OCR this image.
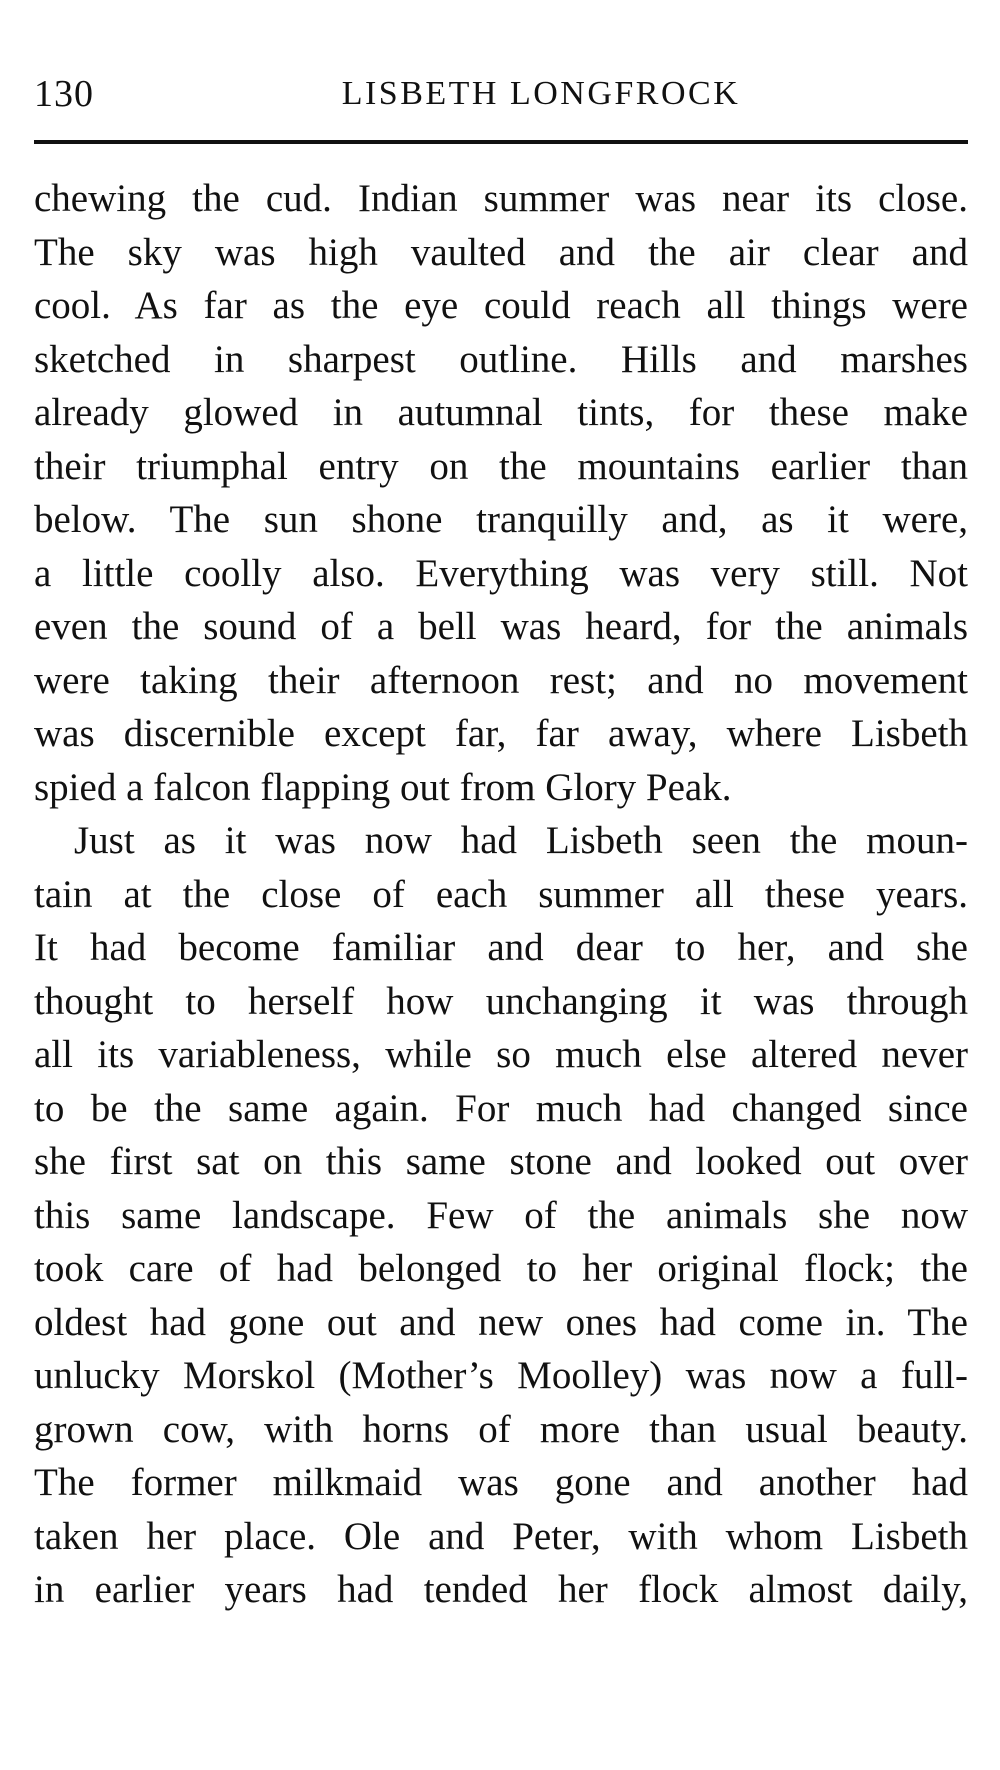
130	LISBETH LONGFROCK
chewing the cud. Indian summer was near its close.
The sky was high vaulted and the air clear and
cool. As far as the eye could reach all things were
sketched in sharpest outline. Hills and marshes
already glowed in autumnal tints, for these make
their triumphal entry on the mountains earlier than
below. The sun shone tranquilly and, as it were,
a little coolly also. Everything was very still. Not
even the sound of a bell was heard, for the animals
were taking their afternoon rest; and no movement
was discernible except far, far away, where Lisbeth
spied a falcon flapping out from Glory Peak.
Just as it was now had Lisbeth seen the moun-
tain at the close of each summer all these years.
It had become familiar and dear to her, and she
thought to herself how unchanging it was through
all its variableness, while so much else altered never
to be the same again. For much had changed since
she first sat on this same stone and looked out over
this same landscape. Few of the animals she now
took care of had belonged to her original flock; the
oldest had gone out and new ones had come in. The
unlucky Morskol (Mother’s Moolley) was now a full-
grown cow, with horns of more than usual beauty.
The former milkmaid was gone and another had
taken her place. Ole and Peter, with whom Lisbeth
in earlier years had tended her flock almost daily,
